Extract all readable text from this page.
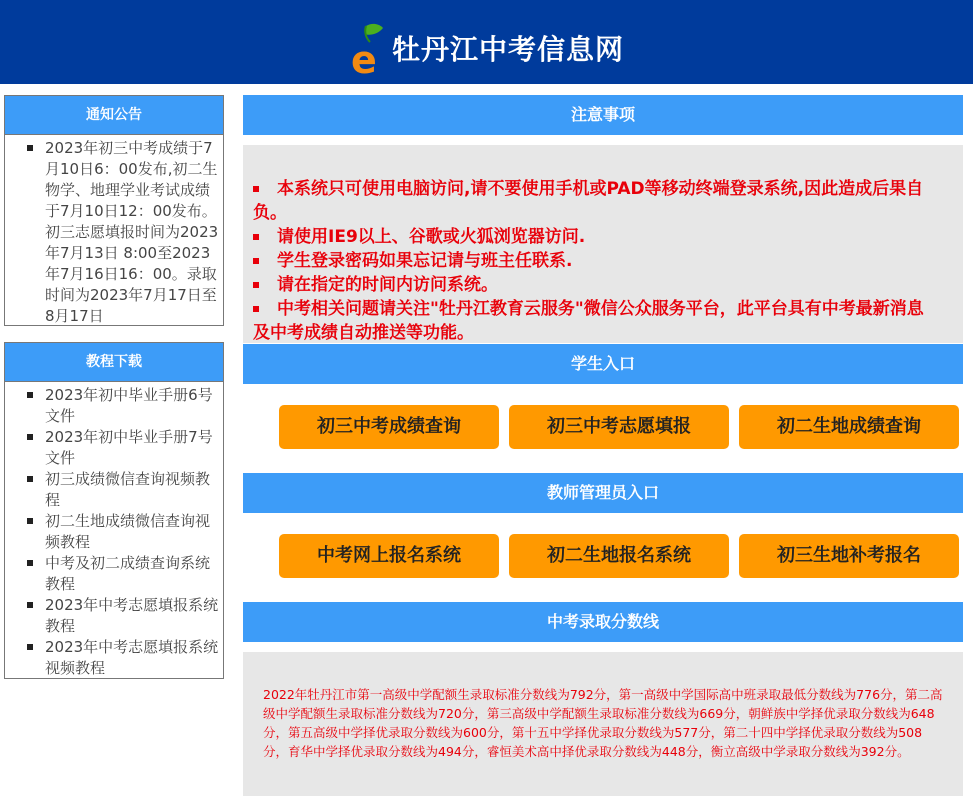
e 牡丹江中考信息网
通知公告
2023年初三中考成绩于7月10日6：00发布,初二生物学、地理学业考试成绩于7月10日12：00发布。初三志愿填报时间为2023年7月13日 8:00至2023年7月16日16：00。录取时间为2023年7月17日至8月17日
教程下载
2023年初中毕业手册6号文件
2023年初中毕业手册7号文件
初三成绩微信查询视频教程
初二生地成绩微信查询视频教程
中考及初二成绩查询系统教程
2023年中考志愿填报系统教程
2023年中考志愿填报系统视频教程
注意事项
本系统只可使用电脑访问,请不要使用手机或PAD等移动终端登录系统,因此造成后果自负。
请使用IE9以上、谷歌或火狐浏览器访问.
学生登录密码如果忘记请与班主任联系.
请在指定的时间内访问系统。
中考相关问题请关注"牡丹江教育云服务"微信公众服务平台，此平台具有中考最新消息及中考成绩自动推送等功能。
学生入口
初三中考成绩查询	初三中考志愿填报	初二生地成绩查询
教师管理员入口
中考网上报名系统	初二生地报名系统	初三生地补考报名
中考录取分数线
2022年牡丹江市第一高级中学配额生录取标准分数线为792分，第一高级中学国际高中班录取最低分数线为776分，第二高级中学配额生录取标准分数线为720分，第三高级中学配额生录取标准分数线为669分，朝鲜族中学择优录取分数线为648分，第五高级中学择优录取分数线为600分，第十五中学择优录取分数线为577分，第二十四中学择优录取分数线为508分，育华中学择优录取分数线为494分，睿恒美术高中择优录取分数线为448分，衡立高级中学录取分数线为392分。
